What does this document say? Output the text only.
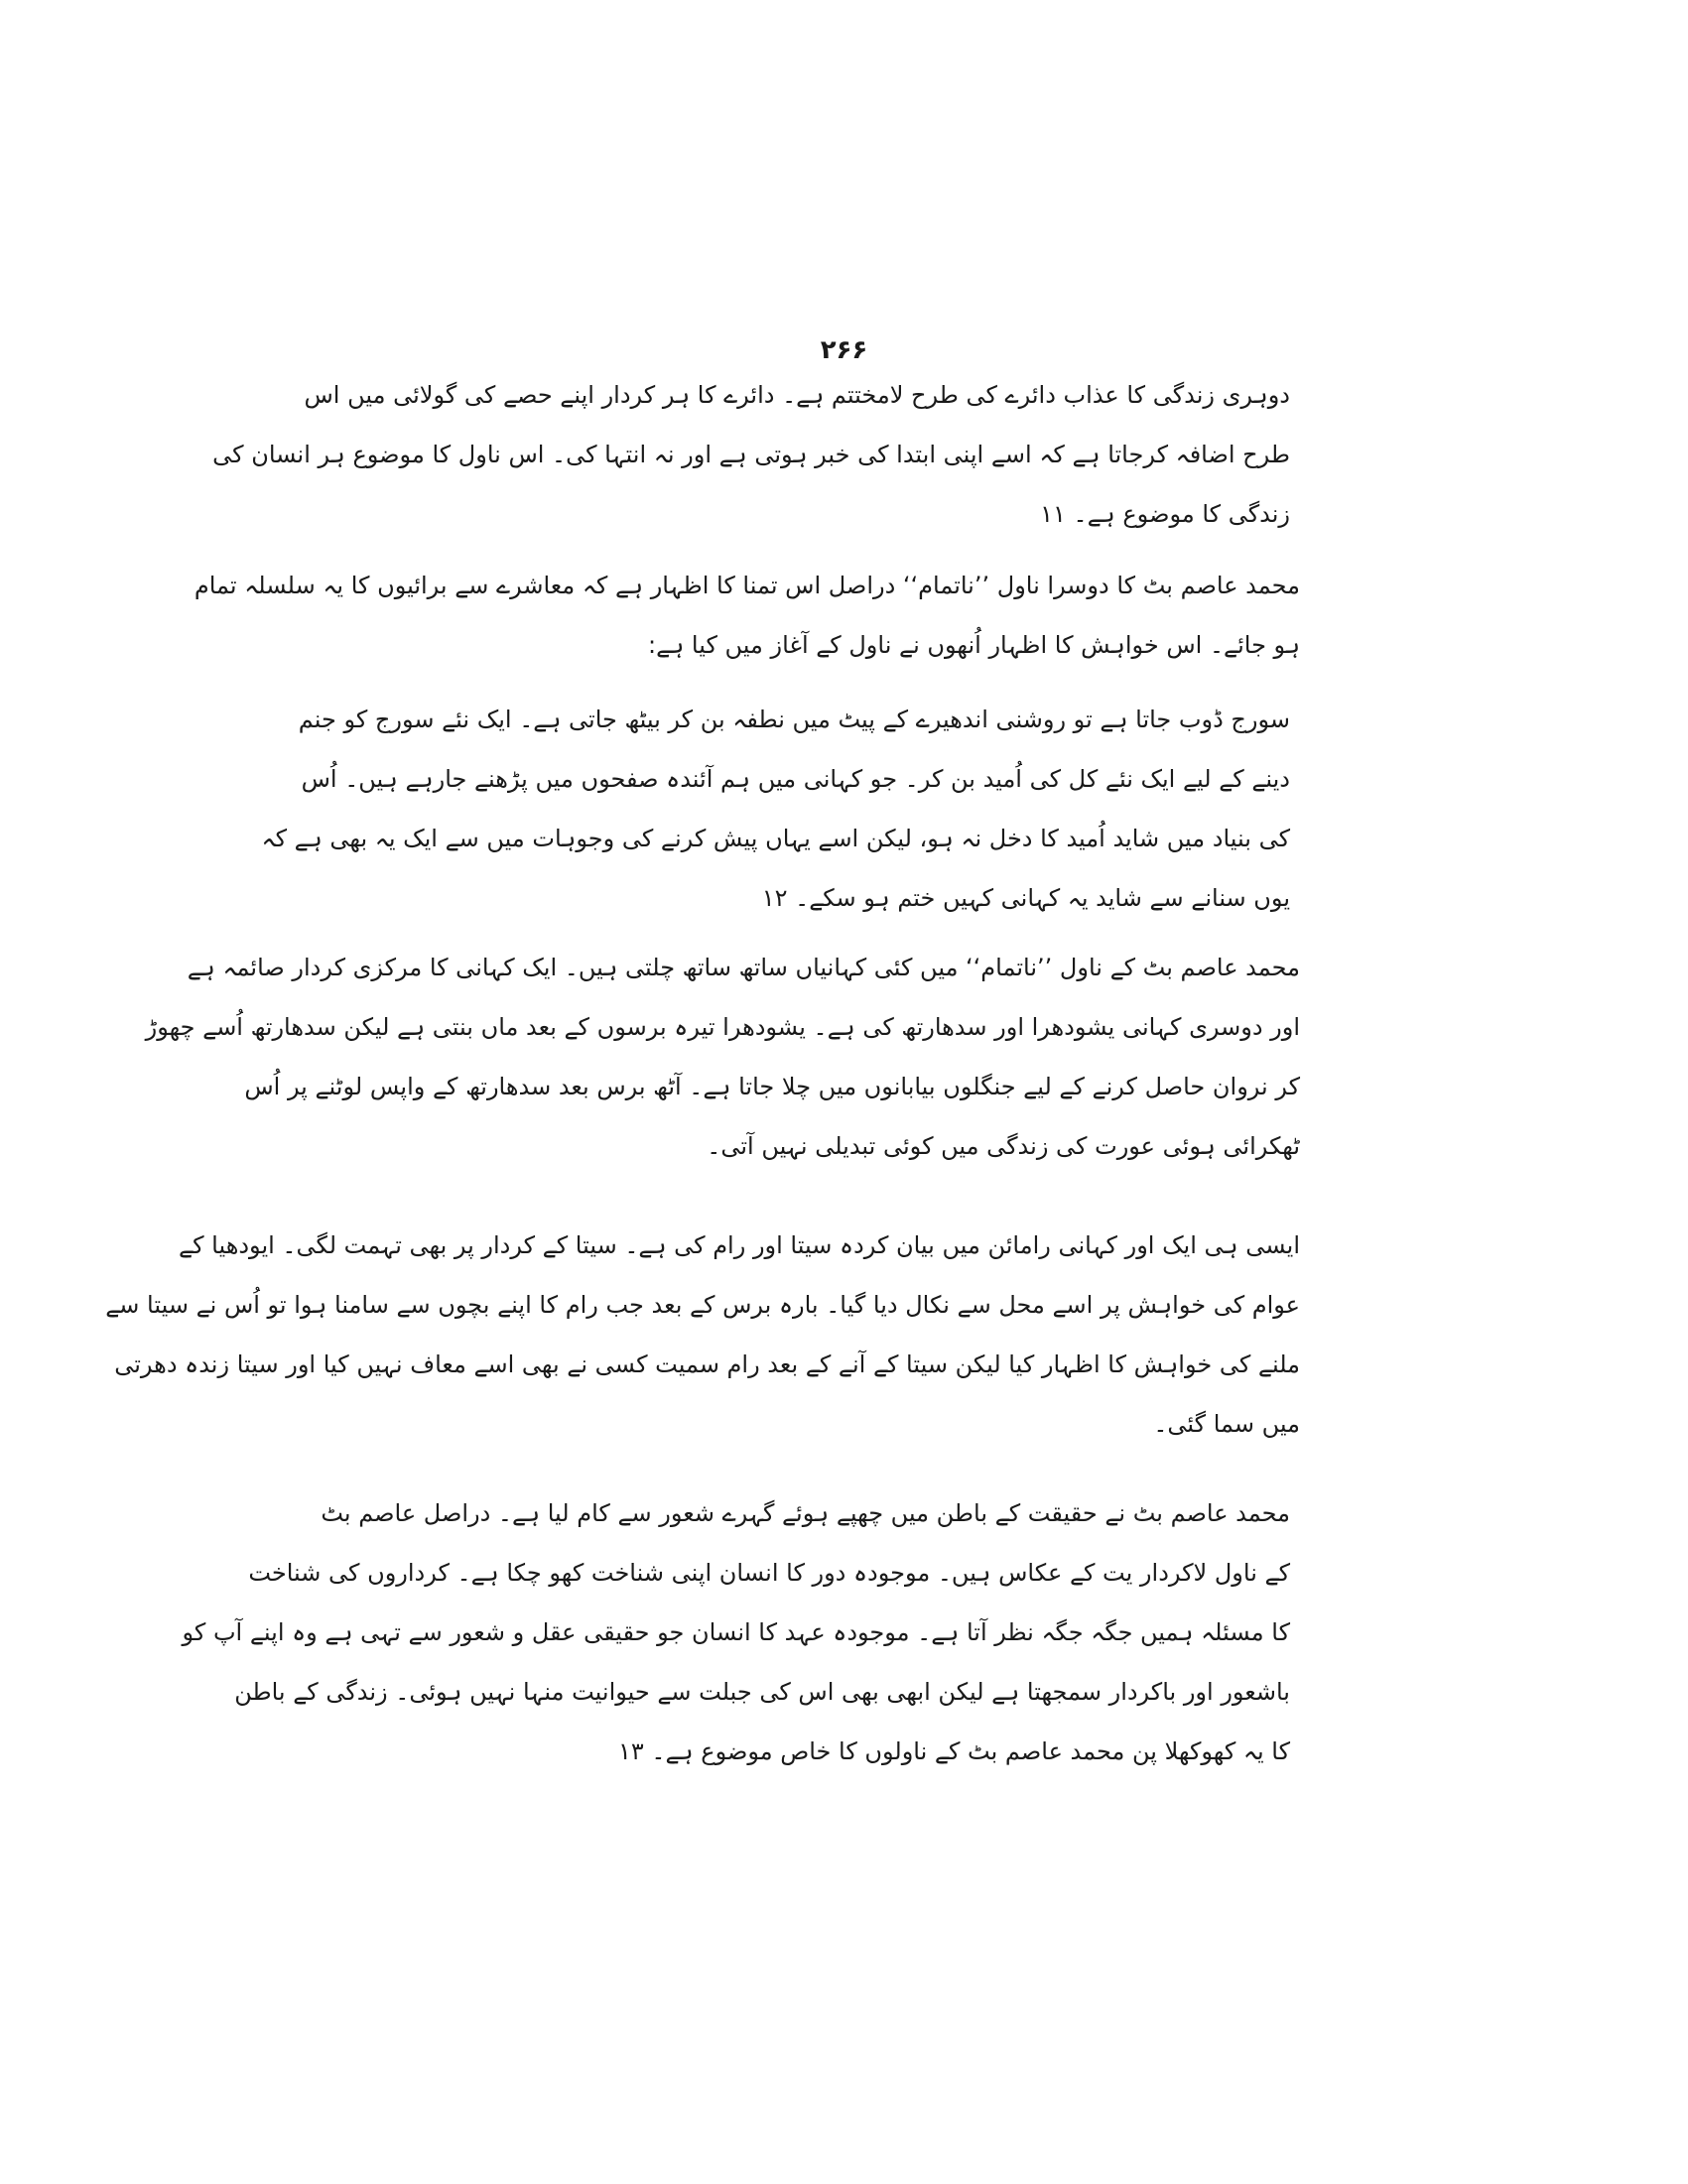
۲۶۶
دوہری زندگی کا عذاب دائرے کی طرح لامختتم ہے۔ دائرے کا ہر کردار اپنے حصے کی گولائی میں اس
طرح اضافہ کرجاتا ہے کہ اسے اپنی ابتدا کی خبر ہوتی ہے اور نہ انتہا کی۔ اس ناول کا موضوع ہر انسان کی
زندگی کا موضوع ہے۔ ۱۱
محمد عاصم بٹ کا دوسرا ناول ’’ناتمام‘‘ دراصل اس تمنا کا اظہار ہے کہ معاشرے سے برائیوں کا یہ سلسلہ تمام
ہو جائے۔ اس خواہش کا اظہار اُنھوں نے ناول کے آغاز میں کیا ہے:
سورج ڈوب جاتا ہے تو روشنی اندھیرے کے پیٹ میں نطفہ بن کر بیٹھ جاتی ہے۔ ایک نئے سورج کو جنم
دینے کے لیے ایک نئے کل کی اُمید بن کر۔ جو کہانی میں ہم آئندہ صفحوں میں پڑھنے جارہے ہیں۔ اُس
کی بنیاد میں شاید اُمید کا دخل نہ ہو، لیکن اسے یہاں پیش کرنے کی وجوہات میں سے ایک یہ بھی ہے کہ
یوں سنانے سے شاید یہ کہانی کہیں ختم ہو سکے۔ ۱۲
محمد عاصم بٹ کے ناول ’’ناتمام‘‘ میں کئی کہانیاں ساتھ ساتھ چلتی ہیں۔ ایک کہانی کا مرکزی کردار صائمہ ہے
اور دوسری کہانی یشودھرا اور سدھارتھ کی ہے۔ یشودھرا تیرہ برسوں کے بعد ماں بنتی ہے لیکن سدھارتھ اُسے چھوڑ
کر نروان حاصل کرنے کے لیے جنگلوں بیابانوں میں چلا جاتا ہے۔ آٹھ برس بعد سدھارتھ کے واپس لوٹنے پر اُس
ٹھکرائی ہوئی عورت کی زندگی میں کوئی تبدیلی نہیں آتی۔
ایسی ہی ایک اور کہانی رامائن میں بیان کردہ سیتا اور رام کی ہے۔ سیتا کے کردار پر بھی تہمت لگی۔ ایودھیا کے
عوام کی خواہش پر اسے محل سے نکال دیا گیا۔ بارہ برس کے بعد جب رام کا اپنے بچوں سے سامنا ہوا تو اُس نے سیتا سے
ملنے کی خواہش کا اظہار کیا لیکن سیتا کے آنے کے بعد رام سمیت کسی نے بھی اسے معاف نہیں کیا اور سیتا زندہ دھرتی
میں سما گئی۔
محمد عاصم بٹ نے حقیقت کے باطن میں چھپے ہوئے گہرے شعور سے کام لیا ہے۔ دراصل عاصم بٹ
کے ناول لاکردار یت کے عکاس ہیں۔ موجودہ دور کا انسان اپنی شناخت کھو چکا ہے۔ کرداروں کی شناخت
کا مسئلہ ہمیں جگہ جگہ نظر آتا ہے۔ موجودہ عہد کا انسان جو حقیقی عقل و شعور سے تہی ہے وہ اپنے آپ کو
باشعور اور باکردار سمجھتا ہے لیکن ابھی بھی اس کی جبلت سے حیوانیت منہا نہیں ہوئی۔ زندگی کے باطن
کا یہ کھوکھلا پن محمد عاصم بٹ کے ناولوں کا خاص موضوع ہے۔ ۱۳
